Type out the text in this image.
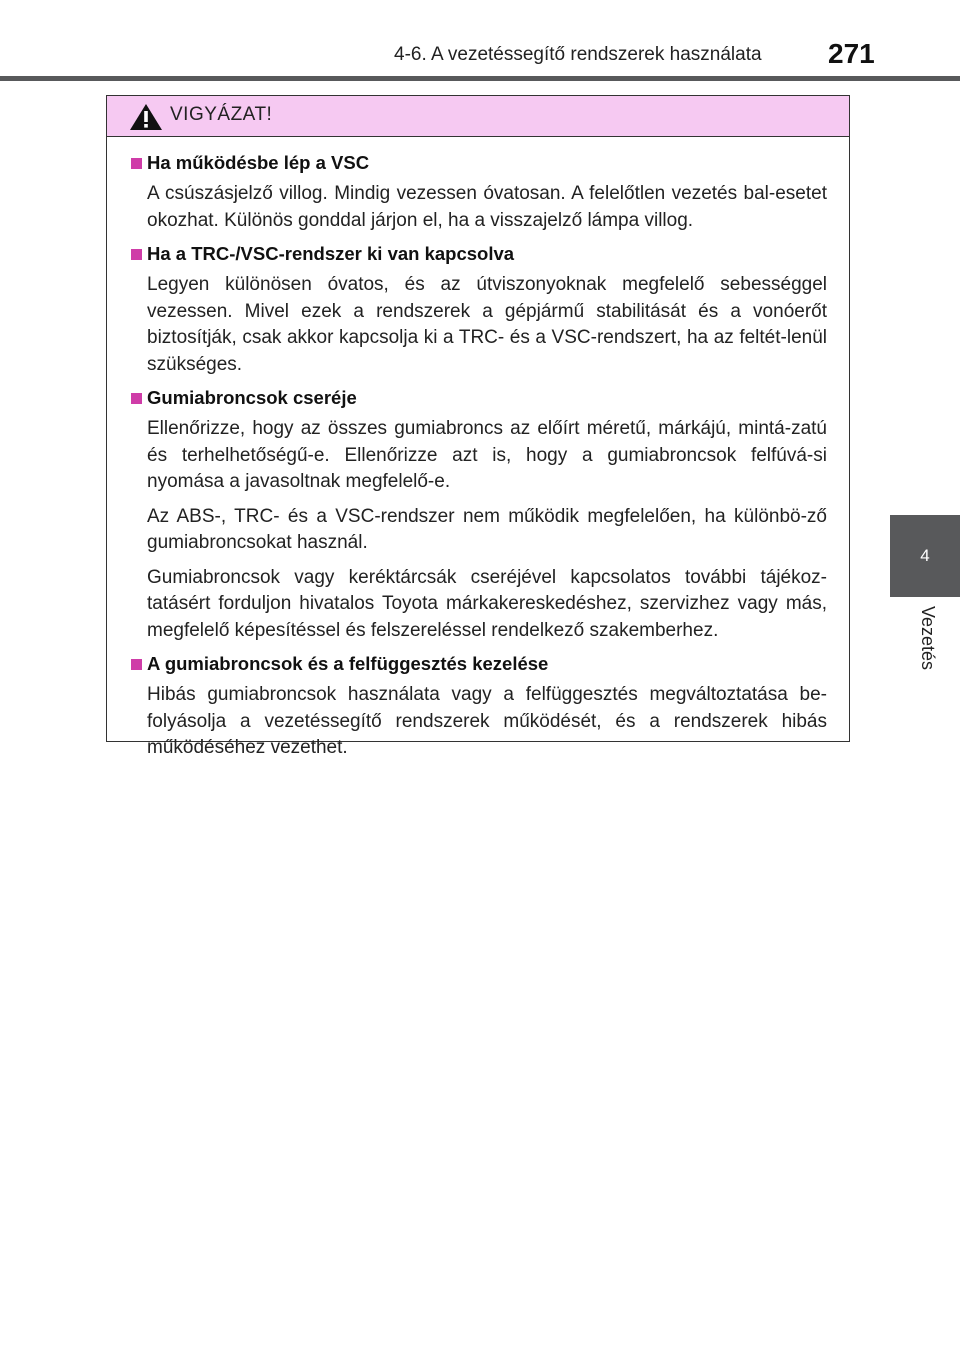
4-6. A vezetéssegítő rendszerek használata 271
4
Vezetés
VIGYÁZAT!
Ha működésbe lép a VSC

A csúszásjelző villog. Mindig vezessen óvatosan. A felelőtlen vezetés bal-esetet okozhat. Különös gonddal járjon el, ha a visszajelző lámpa villog.

Ha a TRC-/VSC-rendszer ki van kapcsolva

Legyen különösen óvatos, és az útviszonyoknak megfelelő sebességgel vezessen. Mivel ezek a rendszerek a gépjármű stabilitását és a vonóerőt biztosítják, csak akkor kapcsolja ki a TRC- és a VSC-rendszert, ha az feltét-lenül szükséges.

Gumiabroncsok cseréje

Ellenőrizze, hogy az összes gumiabroncs az előírt méretű, márkájú, mintá-zatú és terhelhetőségű-e. Ellenőrizze azt is, hogy a gumiabroncsok felfúvá-si nyomása a javasoltnak megfelelő-e.

Az ABS-, TRC- és a VSC-rendszer nem működik megfelelően, ha különbö-ző gumiabroncsokat használ.

Gumiabroncsok vagy keréktárcsák cseréjével kapcsolatos további tájékoz-tatásért forduljon hivatalos Toyota márkakereskedéshez, szervizhez vagy más, megfelelő képesítéssel és felszereléssel rendelkező szakemberhez.

A gumiabroncsok és a felfüggesztés kezelése

Hibás gumiabroncsok használata vagy a felfüggesztés megváltoztatása be-folyásolja a vezetéssegítő rendszerek működését, és a rendszerek hibás működéséhez vezethet.
